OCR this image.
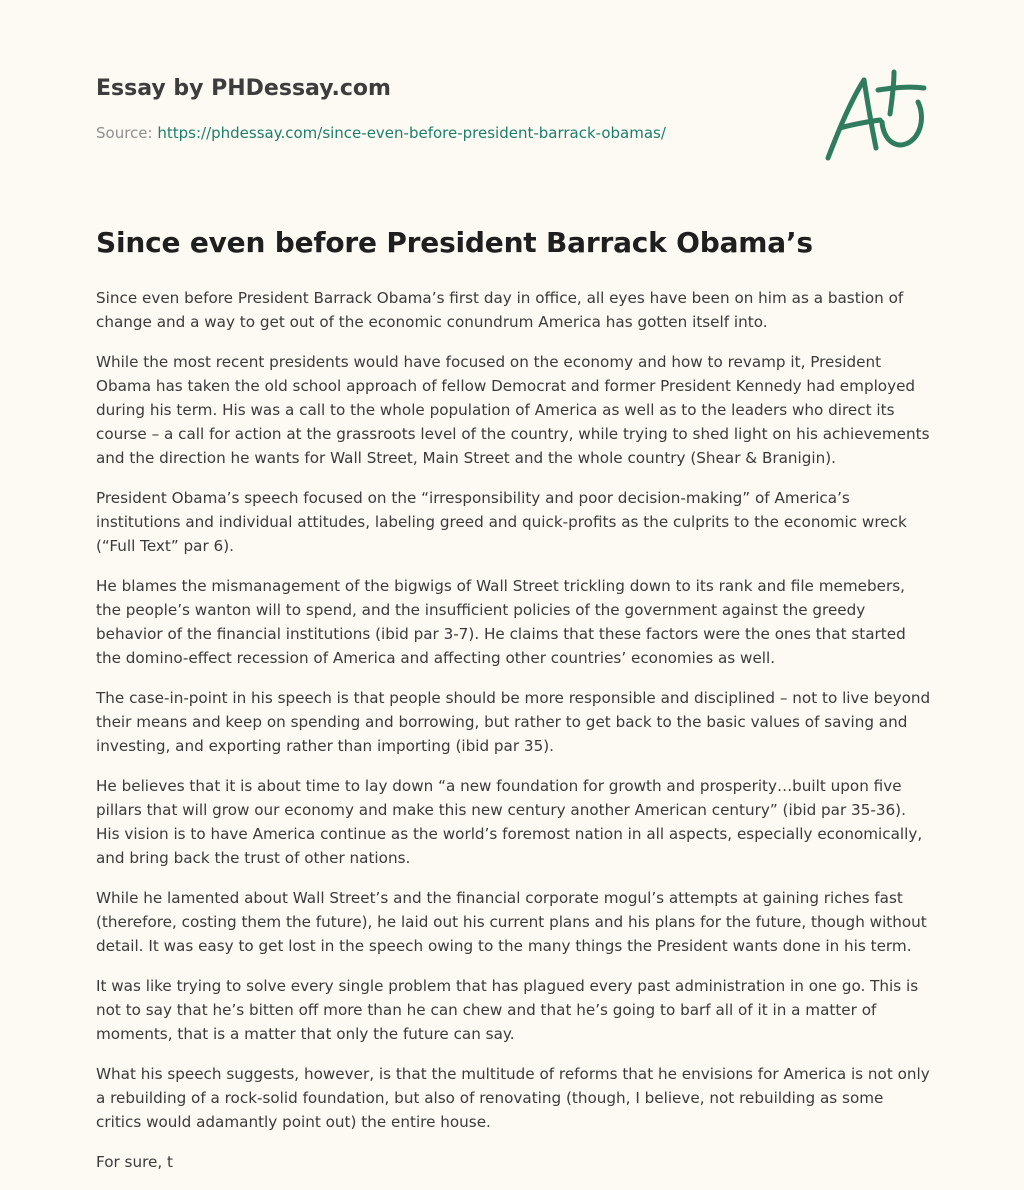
Essay by PHDessay.com

Source: https://phdessay.com/since-even-before-president-barrack-obamas/

Since even before President Barrack Obama’s

Since even before President Barrack Obama’s first day in office, all eyes have been on him as a bastion of change and a way to get out of the economic conundrum America has gotten itself into.

While the most recent presidents would have focused on the economy and how to revamp it, President Obama has taken the old school approach of fellow Democrat and former President Kennedy had employed during his term. His was a call to the whole population of America as well as to the leaders who direct its course – a call for action at the grassroots level of the country, while trying to shed light on his achievements and the direction he wants for Wall Street, Main Street and the whole country (Shear & Branigin).

President Obama’s speech focused on the “irresponsibility and poor decision-making” of America’s institutions and individual attitudes, labeling greed and quick-profits as the culprits to the economic wreck (“Full Text” par 6).

He blames the mismanagement of the bigwigs of Wall Street trickling down to its rank and file memebers, the people’s wanton will to spend, and the insufficient policies of the government against the greedy behavior of the financial institutions (ibid par 3-7). He claims that these factors were the ones that started the domino-effect recession of America and affecting other countries’ economies as well.

The case-in-point in his speech is that people should be more responsible and disciplined – not to live beyond their means and keep on spending and borrowing, but rather to get back to the basic values of saving and investing, and exporting rather than importing (ibid par 35).

He believes that it is about time to lay down “a new foundation for growth and prosperity…built upon five pillars that will grow our economy and make this new century another American century” (ibid par 35-36). His vision is to have America continue as the world’s foremost nation in all aspects, especially economically, and bring back the trust of other nations.

While he lamented about Wall Street’s and the financial corporate mogul’s attempts at gaining riches fast (therefore, costing them the future), he laid out his current plans and his plans for the future, though without detail. It was easy to get lost in the speech owing to the many things the President wants done in his term.

It was like trying to solve every single problem that has plagued every past administration in one go. This is not to say that he’s bitten off more than he can chew and that he’s going to barf all of it in a matter of moments, that is a matter that only the future can say.

What his speech suggests, however, is that the multitude of reforms that he envisions for America is not only a rebuilding of a rock-solid foundation, but also of renovating (though, I believe, not rebuilding as some critics would adamantly point out) the entire house.

For sure, t
